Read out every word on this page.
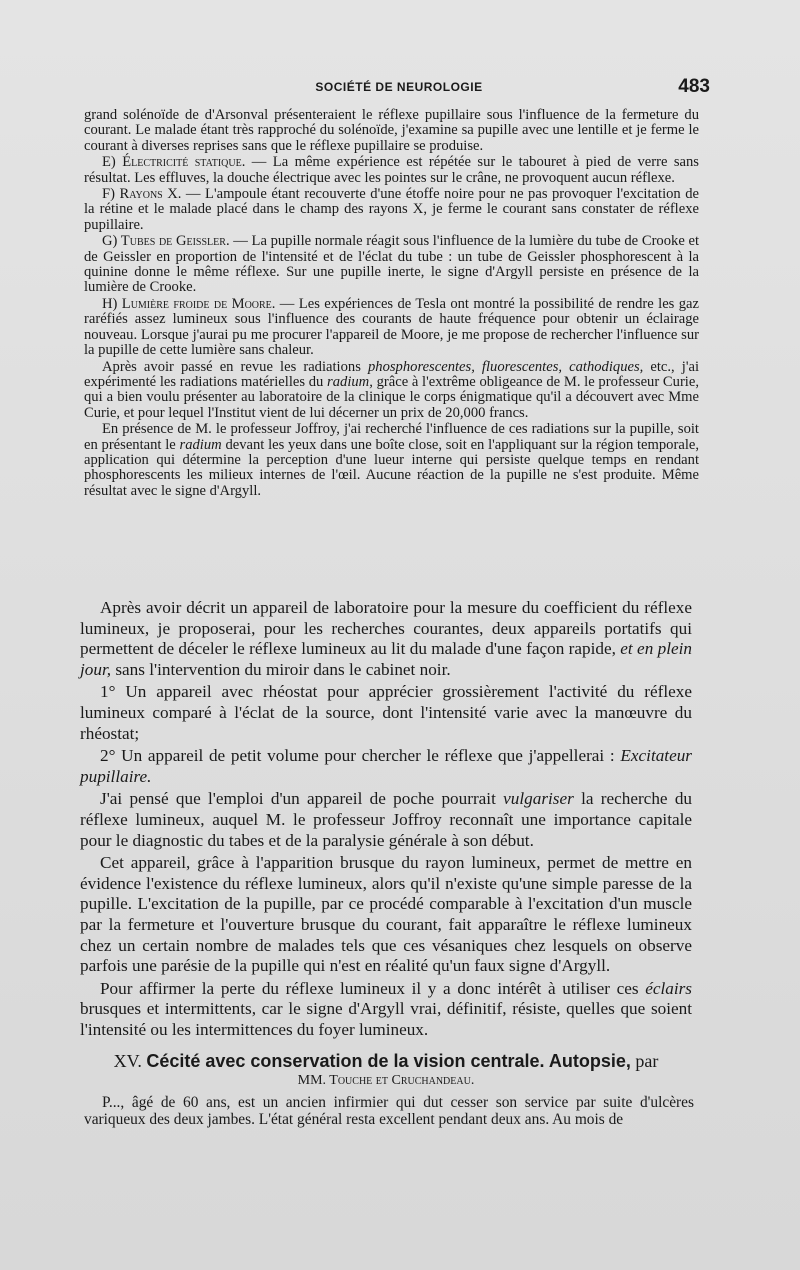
SOCIÉTÉ DE NEUROLOGIE	483

grand solénoïde de d'Arsonval présenteraient le réflexe pupillaire sous l'influence de la fermeture du courant. Le malade étant très rapproché du solénoïde, j'examine sa pupille avec une lentille et je ferme le courant à diverses reprises sans que le réflexe pupillaire se produise.

E) Électricité statique. — La même expérience est répétée sur le tabouret à pied de verre sans résultat. Les effluves, la douche électrique avec les pointes sur le crâne, ne provoquent aucun réflexe.

F) Rayons X. — L'ampoule étant recouverte d'une étoffe noire pour ne pas provoquer l'excitation de la rétine et le malade placé dans le champ des rayons X, je ferme le courant sans constater de réflexe pupillaire.

G) Tubes de Geissler. — La pupille normale réagit sous l'influence de la lumière du tube de Crooke et de Geissler en proportion de l'intensité et de l'éclat du tube : un tube de Geissler phosphorescent à la quinine donne le même réflexe. Sur une pupille inerte, le signe d'Argyll persiste en présence de la lumière de Crooke.

H) Lumière froide de Moore. — Les expériences de Tesla ont montré la possibilité de rendre les gaz raréfiés assez lumineux sous l'influence des courants de haute fréquence pour obtenir un éclairage nouveau. Lorsque j'aurai pu me procurer l'appareil de Moore, je me propose de rechercher l'influence sur la pupille de cette lumière sans chaleur.

Après avoir passé en revue les radiations phosphorescentes, fluorescentes, cathodiques, etc., j'ai expérimenté les radiations matérielles du radium, grâce à l'extrême obligeance de M. le professeur Curie, qui a bien voulu présenter au laboratoire de la clinique le corps énigmatique qu'il a découvert avec Mme Curie, et pour lequel l'Institut vient de lui décerner un prix de 20,000 francs.

En présence de M. le professeur Joffroy, j'ai recherché l'influence de ces radiations sur la pupille, soit en présentant le radium devant les yeux dans une boîte close, soit en l'appliquant sur la région temporale, application qui détermine la perception d'une lueur interne qui persiste quelque temps en rendant phosphorescents les milieux internes de l'œil. Aucune réaction de la pupille ne s'est produite. Même résultat avec le signe d'Argyll.

Après avoir décrit un appareil de laboratoire pour la mesure du coefficient du réflexe lumineux, je proposerai, pour les recherches courantes, deux appareils portatifs qui permettent de déceler le réflexe lumineux au lit du malade d'une façon rapide, et en plein jour, sans l'intervention du miroir dans le cabinet noir.

1° Un appareil avec rhéostat pour apprécier grossièrement l'activité du réflexe lumineux comparé à l'éclat de la source, dont l'intensité varie avec la manœuvre du rhéostat;

2° Un appareil de petit volume pour chercher le réflexe que j'appellerai : Excitateur pupillaire.

J'ai pensé que l'emploi d'un appareil de poche pourrait vulgariser la recherche du réflexe lumineux, auquel M. le professeur Joffroy reconnaît une importance capitale pour le diagnostic du tabes et de la paralysie générale à son début.

Cet appareil, grâce à l'apparition brusque du rayon lumineux, permet de mettre en évidence l'existence du réflexe lumineux, alors qu'il n'existe qu'une simple paresse de la pupille. L'excitation de la pupille, par ce procédé comparable à l'excitation d'un muscle par la fermeture et l'ouverture brusque du courant, fait apparaître le réflexe lumineux chez un certain nombre de malades tels que ces vésaniques chez lesquels on observe parfois une parésie de la pupille qui n'est en réalité qu'un faux signe d'Argyll.

Pour affirmer la perte du réflexe lumineux il y a donc intérêt à utiliser ces éclairs brusques et intermittents, car le signe d'Argyll vrai, définitif, résiste, quelles que soient l'intensité ou les intermittences du foyer lumineux.

XV. Cécité avec conservation de la vision centrale. Autopsie, par
MM. Touche et Cruchandeau.

P..., âgé de 60 ans, est un ancien infirmier qui dut cesser son service par suite d'ulcères variqueux des deux jambes. L'état général resta excellent pendant deux ans. Au mois de
